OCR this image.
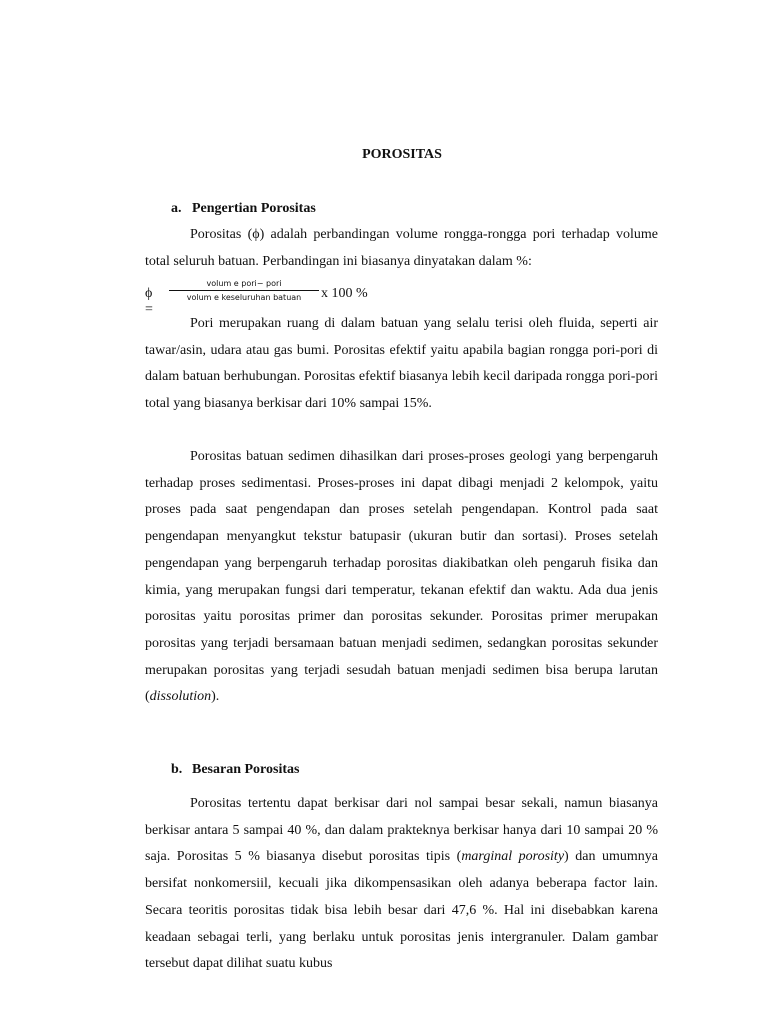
POROSITAS
a. Pengertian Porositas

Porositas (ϕ) adalah perbandingan volume rongga-rongga pori terhadap volume total seluruh batuan. Perbandingan ini biasanya dinyatakan dalam %:

ϕ =
volum e pori− pori
volum e keseluruhan batuan	x 100 %

Pori merupakan ruang di dalam batuan yang selalu terisi oleh fluida, seperti air tawar/asin, udara atau gas bumi. Porositas efektif yaitu apabila bagian rongga pori-pori di dalam batuan berhubungan. Porositas efektif biasanya lebih kecil daripada rongga pori-pori total yang biasanya berkisar dari 10% sampai 15%.

Porositas batuan sedimen dihasilkan dari proses-proses geologi yang berpengaruh terhadap proses sedimentasi. Proses-proses ini dapat dibagi menjadi 2 kelompok, yaitu proses pada saat pengendapan dan proses setelah pengendapan. Kontrol pada saat pengendapan menyangkut tekstur batupasir (ukuran butir dan sortasi). Proses setelah pengendapan yang berpengaruh terhadap porositas diakibatkan oleh pengaruh fisika dan kimia, yang merupakan fungsi dari temperatur, tekanan efektif dan waktu. Ada dua jenis porositas yaitu porositas primer dan porositas sekunder. Porositas primer merupakan porositas yang terjadi bersamaan batuan menjadi sedimen, sedangkan porositas sekunder merupakan porositas yang terjadi sesudah batuan menjadi sedimen bisa berupa larutan (dissolution).

b. Besaran Porositas

Porositas tertentu dapat berkisar dari nol sampai besar sekali, namun biasanya berkisar antara 5 sampai 40 %, dan dalam prakteknya berkisar hanya dari 10 sampai 20 % saja. Porositas 5 % biasanya disebut porositas tipis (marginal porosity) dan umumnya bersifat nonkomersiil, kecuali jika dikompensasikan oleh adanya beberapa factor lain. Secara teoritis porositas tidak bisa lebih besar dari 47,6 %. Hal ini disebabkan karena keadaan sebagai terli, yang berlaku untuk porositas jenis intergranuler. Dalam gambar tersebut dapat dilihat suatu kubus
